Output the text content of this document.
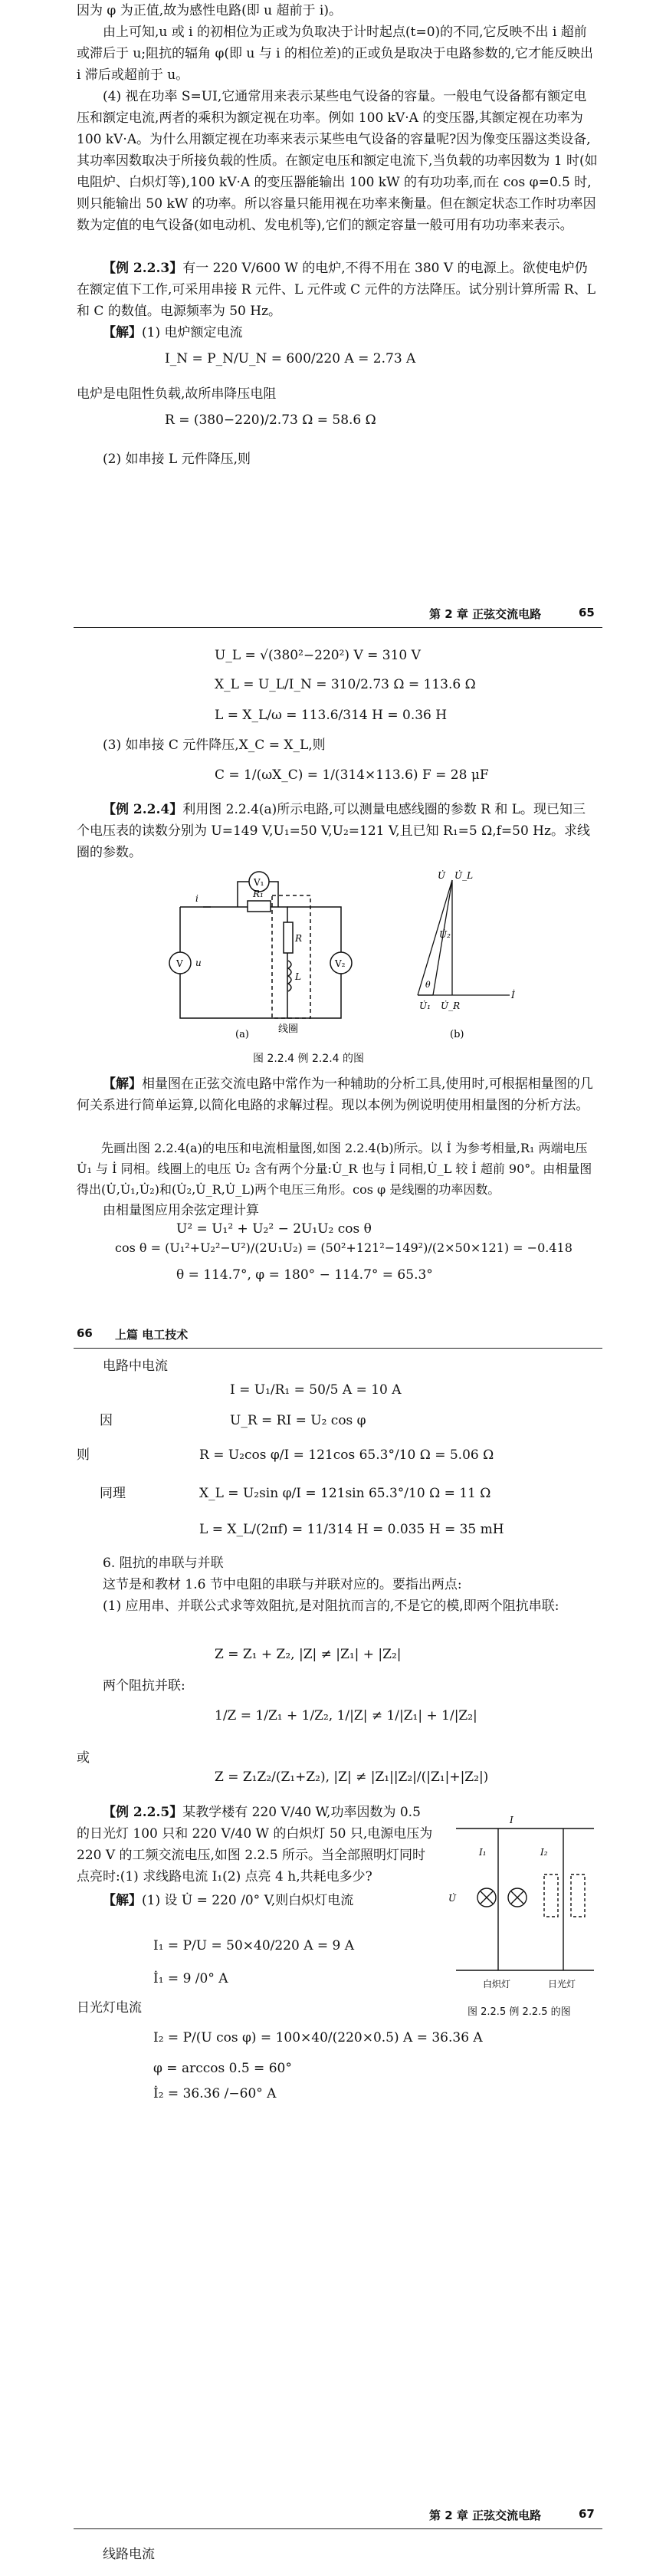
因为 φ 为正值,故为感性电路(即 u 超前于 i)。

由上可知,u 或 i 的初相位为正或为负取决于计时起点(t=0)的不同,它反映不出 i 超前或滞后于 u;阻抗的辐角 φ(即 u 与 i 的相位差)的正或负是取决于电路参数的,它才能反映出 i 滞后或超前于 u。

(4) 视在功率 S=UI,它通常用来表示某些电气设备的容量。一般电气设备都有额定电压和额定电流,两者的乘积为额定视在功率。例如 100 kV·A 的变压器,其额定视在功率为 100 kV·A。为什么用额定视在功率来表示某些电气设备的容量呢?因为像变压器这类设备,其功率因数取决于所接负载的性质。在额定电压和额定电流下,当负载的功率因数为 1 时(如电阻炉、白炽灯等),100 kV·A 的变压器能输出 100 kW 的有功功率,而在 cos φ=0.5 时,则只能输出 50 kW 的功率。所以容量只能用视在功率来衡量。但在额定状态工作时功率因数为定值的电气设备(如电动机、发电机等),它们的额定容量一般可用有功功率来表示。

【例 2.2.3】有一 220 V/600 W 的电炉,不得不用在 380 V 的电源上。欲使电炉仍在额定值下工作,可采用串接 R 元件、L 元件或 C 元件的方法降压。试分别计算所需 R、L 和 C 的数值。电源频率为 50 Hz。

【解】(1) 电炉额定电流

I_N = P_N/U_N = 600/220 A = 2.73 A

电炉是电阻性负载,故所串降压电阻

R = (380−220)/2.73 Ω = 58.6 Ω

(2) 如串接 L 元件降压,则

第 2 章 正弦交流电路	65
U_L = √(380²−220²) V = 310 V
X_L = U_L/I_N = 310/2.73 Ω = 113.6 Ω
L = X_L/ω = 113.6/314 H = 0.36 H

(3) 如串接 C 元件降压,X_C = X_L,则

C = 1/(ωX_C) = 1/(314×113.6) F = 28 μF

【例 2.2.4】利用图 2.2.4(a)所示电路,可以测量电感线圈的参数 R 和 L。现已知三个电压表的读数分别为 U=149 V,U₁=50 V,U₂=121 V,且已知 R₁=5 Ω,f=50 Hz。求线圈的参数。

V₁
V	V₂
R₁
i
u
R
L
线圈
(a)
İ
U̇ U̇_L
U̇₂
θ
U̇₁ U̇_R
(b)
图 2.2.4 例 2.2.4 的图

【解】相量图在正弦交流电路中常作为一种辅助的分析工具,使用时,可根据相量图的几何关系进行简单运算,以简化电路的求解过程。现以本例为例说明使用相量图的分析方法。

先画出图 2.2.4(a)的电压和电流相量图,如图 2.2.4(b)所示。以 İ 为参考相量,R₁ 两端电压 U̇₁ 与 İ 同相。线圈上的电压 U̇₂ 含有两个分量:U̇_R 也与 İ 同相,U̇_L 较 İ 超前 90°。由相量图得出(U̇,U̇₁,U̇₂)和(U̇₂,U̇_R,U̇_L)两个电压三角形。cos φ 是线圈的功率因数。

由相量图应用余弦定理计算

U² = U₁² + U₂² − 2U₁U₂ cos θ
cos θ = (U₁²+U₂²−U²)/(2U₁U₂) = (50²+121²−149²)/(2×50×121) = −0.418
θ = 114.7°, φ = 180° − 114.7° = 65.3°
66 上篇 电工技术

电路中电流

I = U₁/R₁ = 50/5 A = 10 A
因	U_R = RI = U₂ cos φ
则	R = U₂cos φ/I = 121cos 65.3°/10 Ω = 5.06 Ω
同理	X_L = U₂sin φ/I = 121sin 65.3°/10 Ω = 11 Ω
L = X_L/(2πf) = 11/314 H = 0.035 H = 35 mH

6. 阻抗的串联与并联

这节是和教材 1.6 节中电阻的串联与并联对应的。要指出两点:

(1) 应用串、并联公式求等效阻抗,是对阻抗而言的,不是它的模,即两个阻抗串联:

Z = Z₁ + Z₂, |Z| ≠ |Z₁| + |Z₂|

两个阻抗并联:

1/Z = 1/Z₁ + 1/Z₂, 1/|Z| ≠ 1/|Z₁| + 1/|Z₂|
或
Z = Z₁Z₂/(Z₁+Z₂), |Z| ≠ |Z₁||Z₂|/(|Z₁|+|Z₂|)

【例 2.2.5】某教学楼有 220 V/40 W,功率因数为 0.5 的日光灯 100 只和 220 V/40 W 的白炽灯 50 只,电源电压为 220 V 的工频交流电压,如图 2.2.5 所示。当全部照明灯同时点亮时:(1) 求线路电流 I₁(2) 点亮 4 h,共耗电多少?

I
I₁	I₂
U̇
白炽灯	日光灯
图 2.2.5 例 2.2.5 的图

【解】(1) 设 U̇ = 220 /0° V,则白炽灯电流

I₁ = P/U = 50×40/220 A = 9 A
İ₁ = 9 /0° A

日光灯电流

I₂ = P/(U cos φ) = 100×40/(220×0.5) A = 36.36 A
φ = arccos 0.5 = 60°
İ₂ = 36.36 /−60° A
第 2 章 正弦交流电路	67

线路电流
